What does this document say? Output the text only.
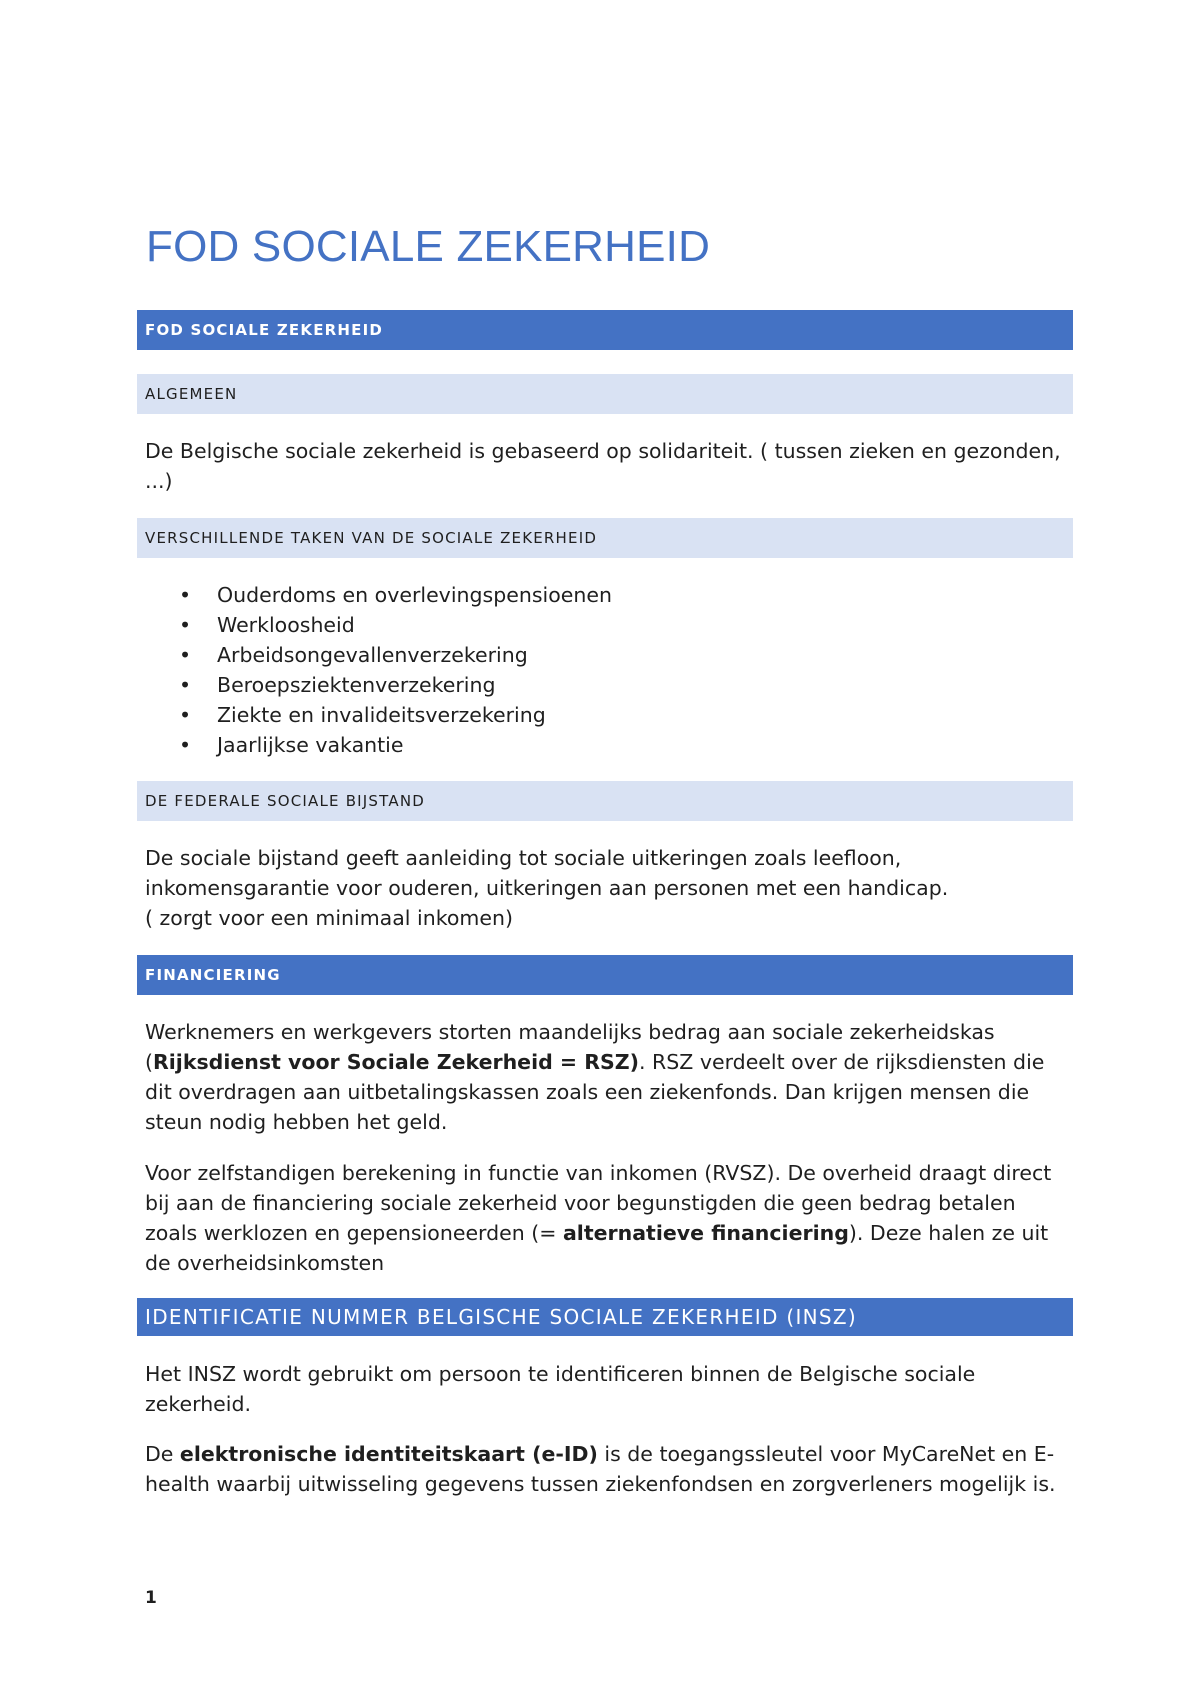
FOD SOCIALE ZEKERHEID
FOD SOCIALE ZEKERHEID
ALGEMEEN

De Belgische sociale zekerheid is gebaseerd op solidariteit. ( tussen zieken en gezonden, ...)

VERSCHILLENDE TAKEN VAN DE SOCIALE ZEKERHEID
• Ouderdoms en overlevingspensioenen
• Werkloosheid
• Arbeidsongevallenverzekering
• Beroepsziektenverzekering
• Ziekte en invalideitsverzekering
• Jaarlijkse vakantie
DE FEDERALE SOCIALE BIJSTAND

De sociale bijstand geeft aanleiding tot sociale uitkeringen zoals leefloon, inkomensgarantie voor ouderen, uitkeringen aan personen met een handicap.
( zorgt voor een minimaal inkomen)

FINANCIERING

Werknemers en werkgevers storten maandelijks bedrag aan sociale zekerheidskas (Rijksdienst voor Sociale Zekerheid = RSZ). RSZ verdeelt over de rijksdiensten die dit overdragen aan uitbetalingskassen zoals een ziekenfonds. Dan krijgen mensen die steun nodig hebben het geld.

Voor zelfstandigen berekening in functie van inkomen (RVSZ). De overheid draagt direct bij aan de financiering sociale zekerheid voor begunstigden die geen bedrag betalen zoals werklozen en gepensioneerden (= alternatieve financiering). Deze halen ze uit de overheidsinkomsten

IDENTIFICATIE NUMMER BELGISCHE SOCIALE ZEKERHEID (INSZ)

Het INSZ wordt gebruikt om persoon te identificeren binnen de Belgische sociale zekerheid.

De elektronische identiteitskaart (e-ID) is de toegangssleutel voor MyCareNet en E-health waarbij uitwisseling gegevens tussen ziekenfondsen en zorgverleners mogelijk is.

1
